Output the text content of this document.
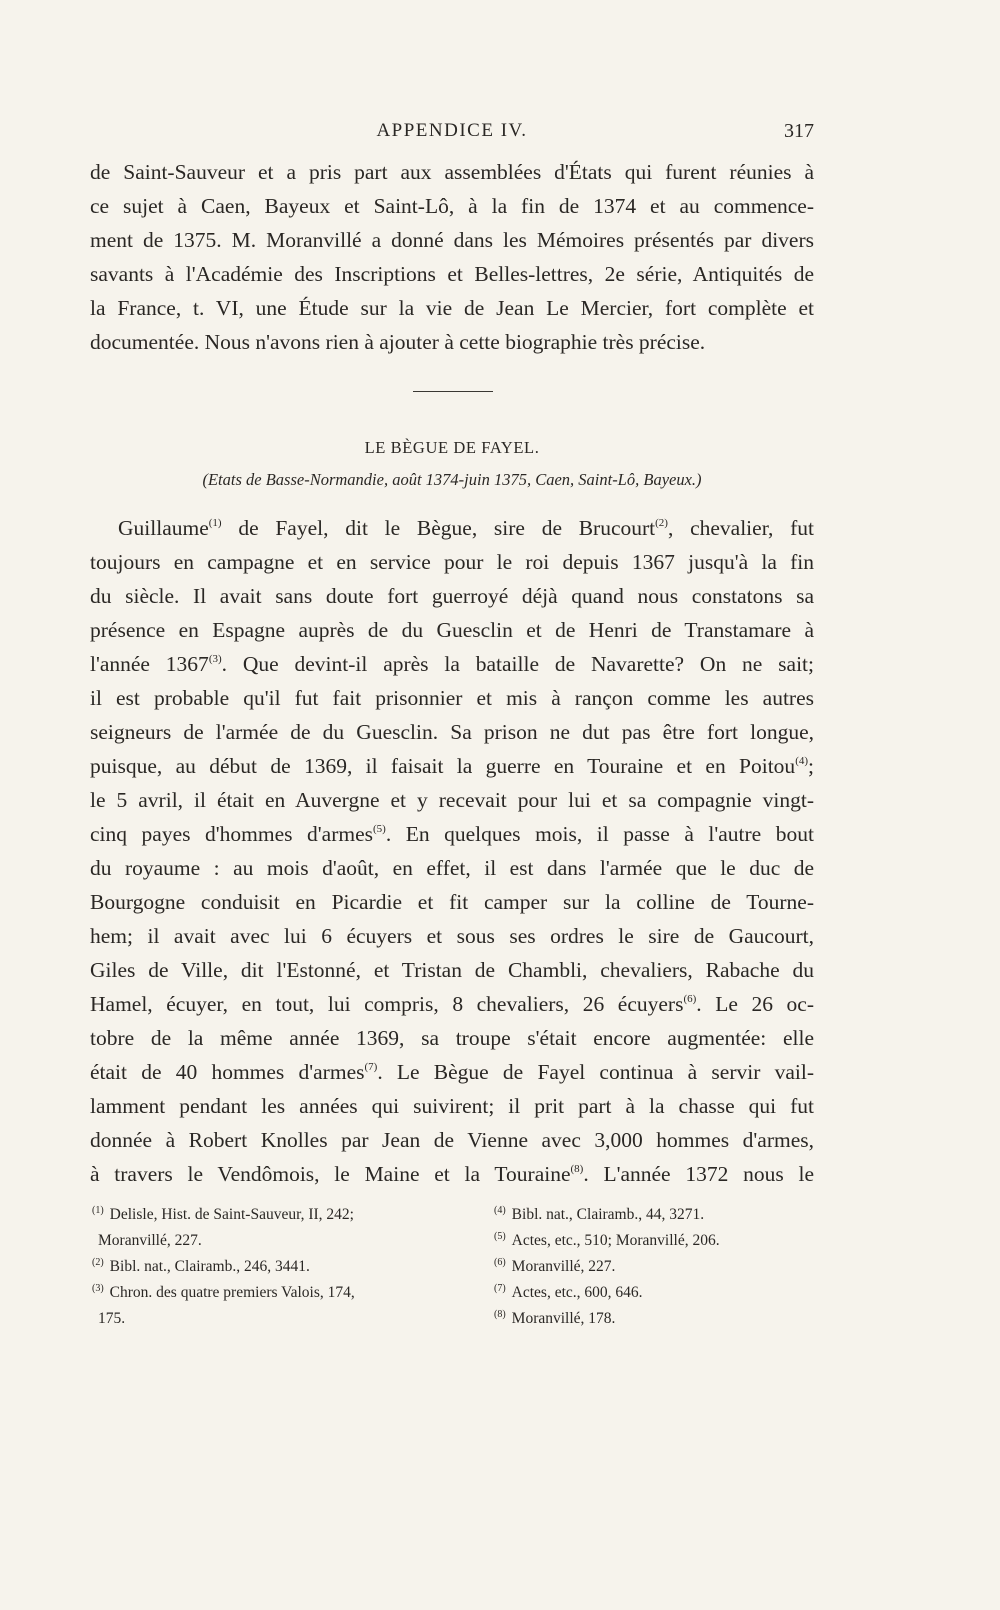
APPENDICE IV.	317
de Saint-Sauveur et a pris part aux assemblées d'États qui furent réunies à
ce sujet à Caen, Bayeux et Saint-Lô, à la fin de 1374 et au commence-
ment de 1375. M. Moranvillé a donné dans les Mémoires présentés par divers
savants à l'Académie des Inscriptions et Belles-lettres, 2e série, Antiquités de
la France, t. VI, une Étude sur la vie de Jean Le Mercier, fort complète et
documentée. Nous n'avons rien à ajouter à cette biographie très précise.
LE BÈGUE DE FAYEL.
(Etats de Basse-Normandie, août 1374-juin 1375, Caen, Saint-Lô, Bayeux.)
Guillaume$^{(1)}$ de Fayel, dit le Bègue, sire de Brucourt$^{(2)}$, chevalier, fut
toujours en campagne et en service pour le roi depuis 1367 jusqu'à la fin
du siècle. Il avait sans doute fort guerroyé déjà quand nous constatons sa
présence en Espagne auprès de du Guesclin et de Henri de Transtamare à
l'année 1367$^{(3)}$. Que devint-il après la bataille de Navarette? On ne sait;
il est probable qu'il fut fait prisonnier et mis à rançon comme les autres
seigneurs de l'armée de du Guesclin. Sa prison ne dut pas être fort longue,
puisque, au début de 1369, il faisait la guerre en Touraine et en Poitou$^{(4)}$;
le 5 avril, il était en Auvergne et y recevait pour lui et sa compagnie vingt-
cinq payes d'hommes d'armes$^{(5)}$. En quelques mois, il passe à l'autre bout
du royaume : au mois d'août, en effet, il est dans l'armée que le duc de
Bourgogne conduisit en Picardie et fit camper sur la colline de Tourne-
hem; il avait avec lui 6 écuyers et sous ses ordres le sire de Gaucourt,
Giles de Ville, dit l'Estonné, et Tristan de Chambli, chevaliers, Rabache du
Hamel, écuyer, en tout, lui compris, 8 chevaliers, 26 écuyers$^{(6)}$. Le 26 oc-
tobre de la même année 1369, sa troupe s'était encore augmentée: elle
était de 40 hommes d'armes$^{(7)}$. Le Bègue de Fayel continua à servir vail-
lamment pendant les années qui suivirent; il prit part à la chasse qui fut
donnée à Robert Knolles par Jean de Vienne avec 3,000 hommes d'armes,
à travers le Vendômois, le Maine et la Touraine$^{(8)}$. L'année 1372 nous le
$^{(1)}$ Delisle, Hist. de Saint-Sauveur, II, 242;
Moranvillé, 227.
$^{(2)}$ Bibl. nat., Clairamb., 246, 3441.
$^{(3)}$ Chron. des quatre premiers Valois, 174,
175.
$^{(4)}$ Bibl. nat., Clairamb., 44, 3271.
$^{(5)}$ Actes, etc., 510; Moranvillé, 206.
$^{(6)}$ Moranvillé, 227.
$^{(7)}$ Actes, etc., 600, 646.
$^{(8)}$ Moranvillé, 178.
